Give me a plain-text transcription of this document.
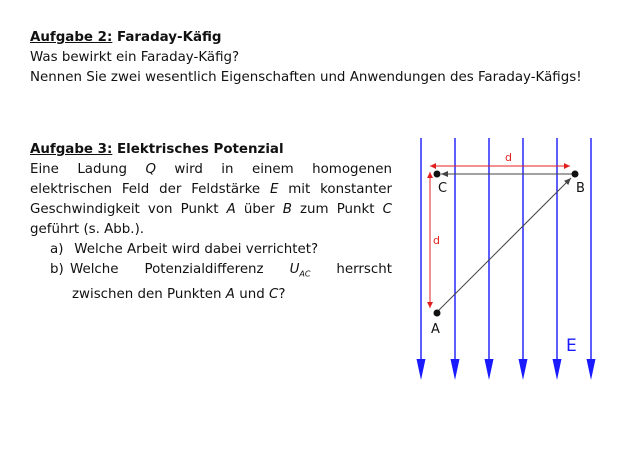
Aufgabe 2: Faraday-Käfig
Was bewirkt ein Faraday-Käfig?
Nennen Sie zwei wesentlich Eigenschaften und Anwendungen des Faraday-Käfigs!
Aufgabe 3: Elektrisches Potenzial
Eine Ladung Q wird in einem homogenen
elektrischen Feld der Feldstärke E mit konstanter
Geschwindigkeit von Punkt A über B zum Punkt C
geführt (s. Abb.).
a) Welche Arbeit wird dabei verrichtet?
b) Welche Potenzialdifferenz $U_{AC}$ herrscht
zwischen den Punkten A und C?
d
d
C	B
A
E
